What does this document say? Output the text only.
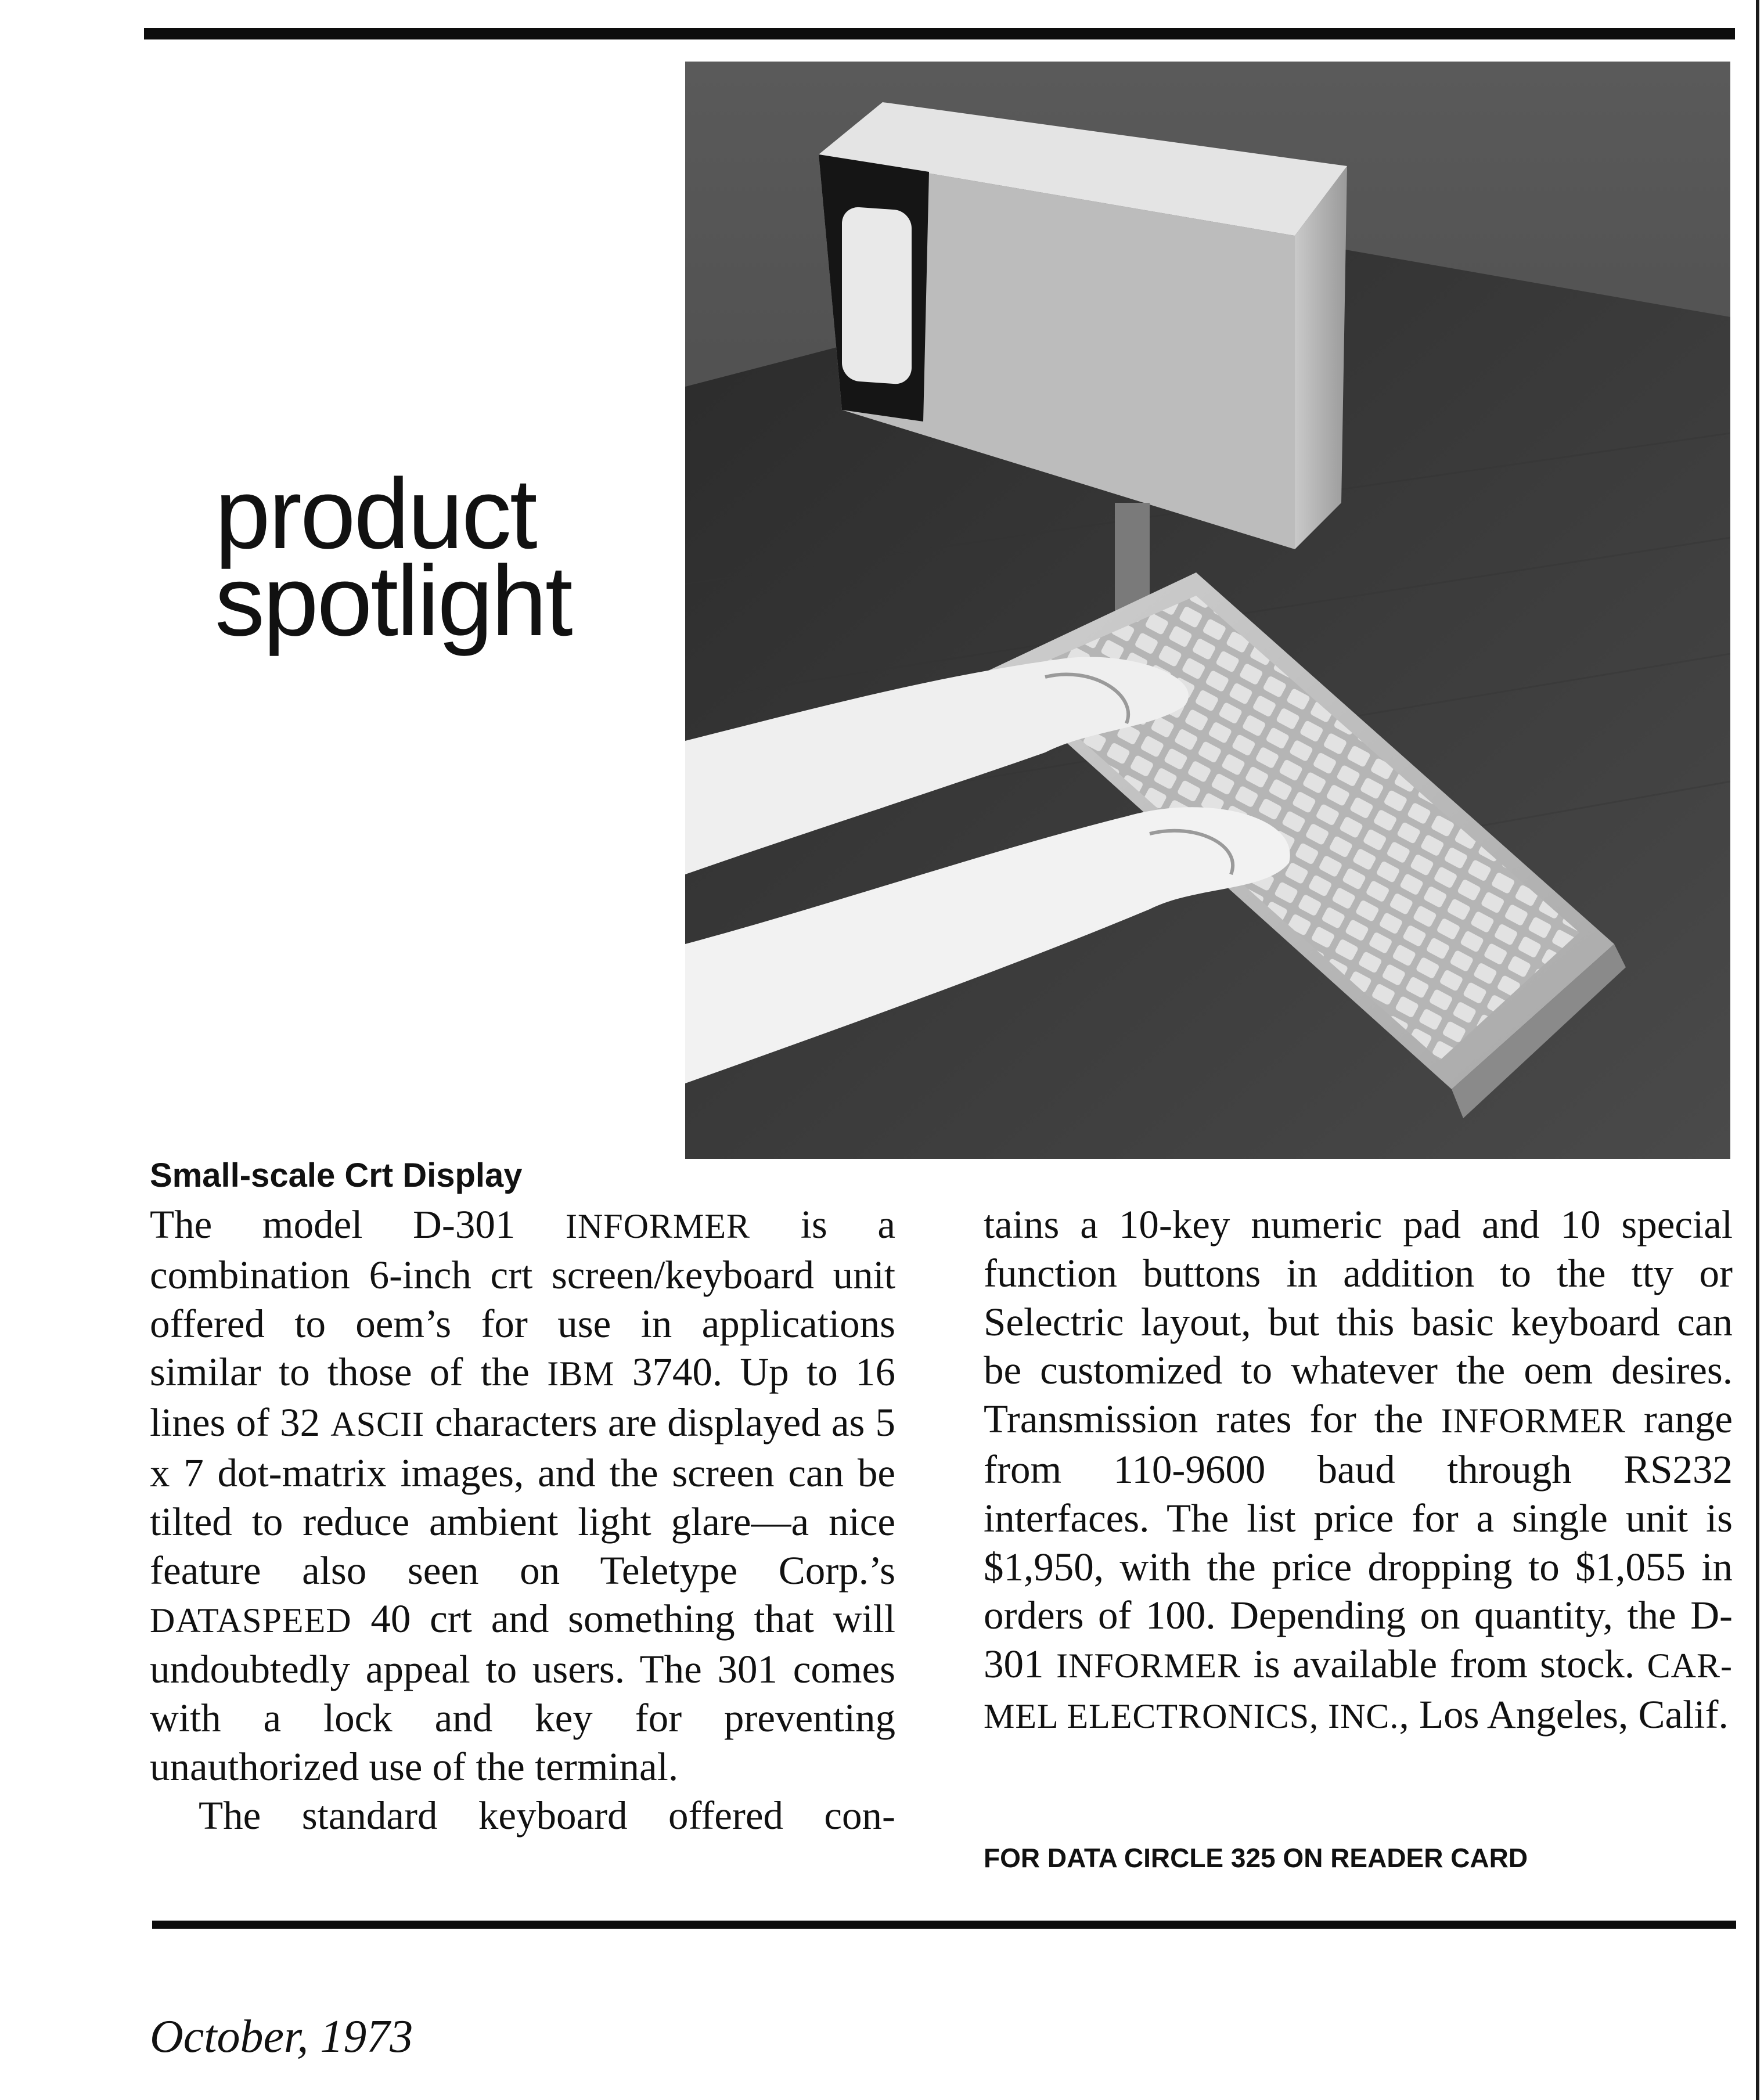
product
spotlight
Small-scale Crt Display

The model D-301 INFORMER is a combination 6-inch crt screen/keyboard unit offered to oem’s for use in applications similar to those of the IBM 3740. Up to 16 lines of 32 ASCII characters are displayed as 5 x 7 dot-matrix images, and the screen can be tilted to reduce ambient light glare—a nice feature also seen on Teletype Corp.’s DATASPEED 40 crt and something that will undoubtedly appeal to users. The 301 comes with a lock and key for preventing unauthorized use of the terminal.

The standard keyboard offered con-

tains a 10-key numeric pad and 10 special function buttons in addition to the tty or Selectric layout, but this basic keyboard can be customized to whatever the oem desires. Transmission rates for the INFORMER range from 110-9600 baud through RS232 interfaces. The list price for a single unit is $1,950, with the price dropping to $1,055 in orders of 100. Depending on quantity, the D-301 INFORMER is available from stock. CAR-MEL ELECTRONICS, INC., Los Angeles, Calif.

FOR DATA CIRCLE 325 ON READER CARD
October, 1973
